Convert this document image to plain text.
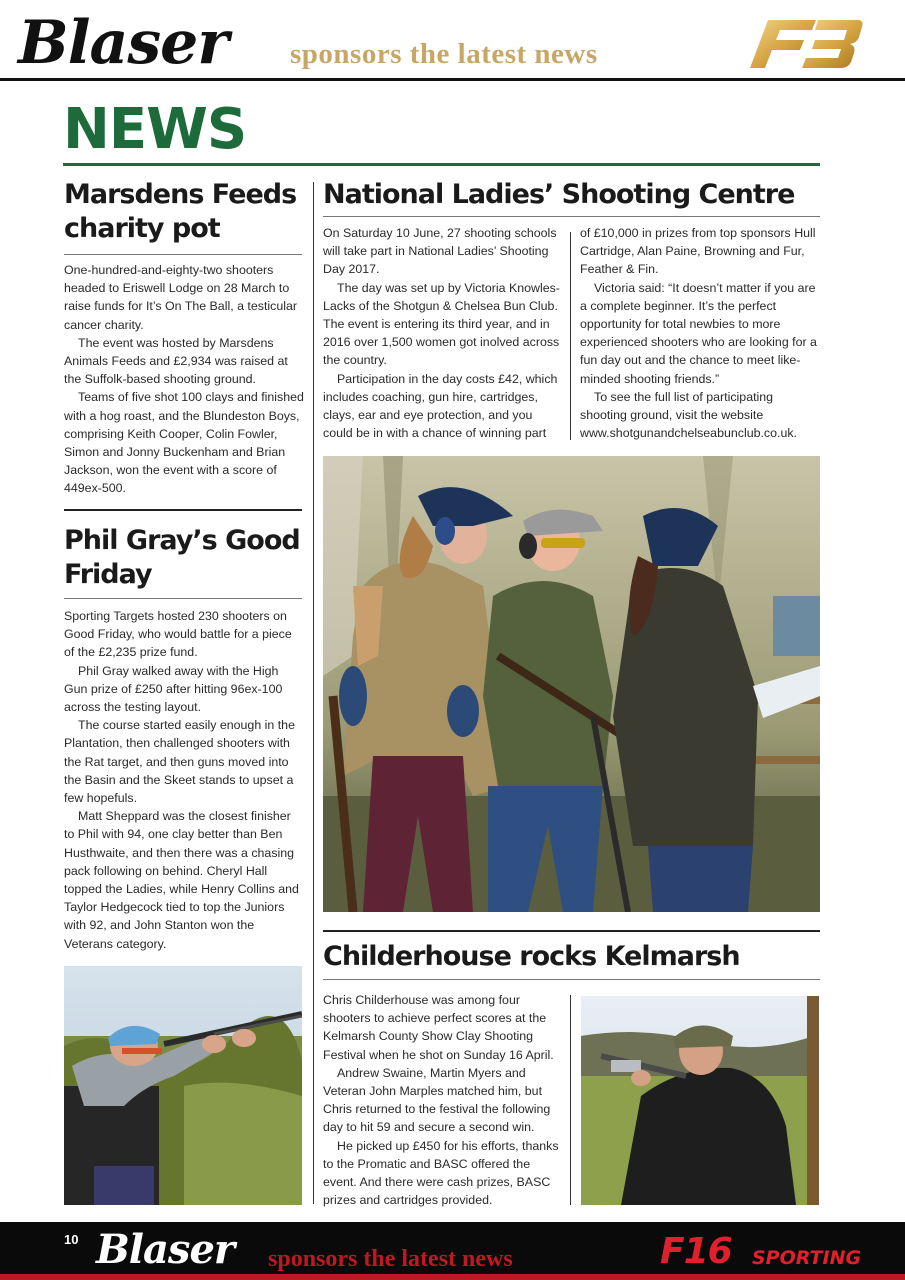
Blaser sponsors the latest news
NEWS
Marsdens Feeds charity pot

One-hundred-and-eighty-two shooters headed to Eriswell Lodge on 28 March to raise funds for It’s On The Ball, a testicular cancer charity.

The event was hosted by Marsdens Animals Feeds and £2,934 was raised at the Suffolk-based shooting ground.

Teams of five shot 100 clays and finished with a hog roast, and the Blundeston Boys, comprising Keith Cooper, Colin Fowler, Simon and Jonny Buckenham and Brian Jackson, won the event with a score of 449ex-500.

Phil Gray’s Good Friday

Sporting Targets hosted 230 shooters on Good Friday, who would battle for a piece of the £2,235 prize fund.

Phil Gray walked away with the High Gun prize of £250 after hitting 96ex-100 across the testing layout.

The course started easily enough in the Plantation, then challenged shooters with the Rat target, and then guns moved into the Basin and the Skeet stands to upset a few hopefuls.

Matt Sheppard was the closest finisher to Phil with 94, one clay better than Ben Husthwaite, and then there was a chasing pack following on behind. Cheryl Hall topped the Ladies, while Henry Collins and Taylor Hedgecock tied to top the Juniors with 92, and John Stanton won the Veterans category.

National Ladies’ Shooting Centre

On Saturday 10 June, 27 shooting schools will take part in National Ladies’ Shooting Day 2017.

The day was set up by Victoria Knowles-Lacks of the Shotgun & Chelsea Bun Club. The event is entering its third year, and in 2016 over 1,500 women got inolved across the country.

Participation in the day costs £42, which includes coaching, gun hire, cartridges, clays, ear and eye protection, and you could be in with a chance of winning part

of £10,000 in prizes from top sponsors Hull Cartridge, Alan Paine, Browning and Fur, Feather & Fin.

Victoria said: “It doesn’t matter if you are a complete beginner. It’s the perfect opportunity for total newbies to more experienced shooters who are looking for a fun day out and the chance to meet like-minded shooting friends.”

To see the full list of participating shooting ground, visit the website www.shotgunandchelseabunclub.co.uk.

Childerhouse rocks Kelmarsh

Chris Childerhouse was among four shooters to achieve perfect scores at the Kelmarsh County Show Clay Shooting Festival when he shot on Sunday 16 April.

Andrew Swaine, Martin Myers and Veteran John Marples matched him, but Chris returned to the festival the following day to hit 59 and secure a second win.

He picked up £450 for his efforts, thanks to the Promatic and BASC offered the event. And there were cash prizes, BASC prizes and cartridges provided.

10 Blaser sponsors the latest news	F16 SPORTING
